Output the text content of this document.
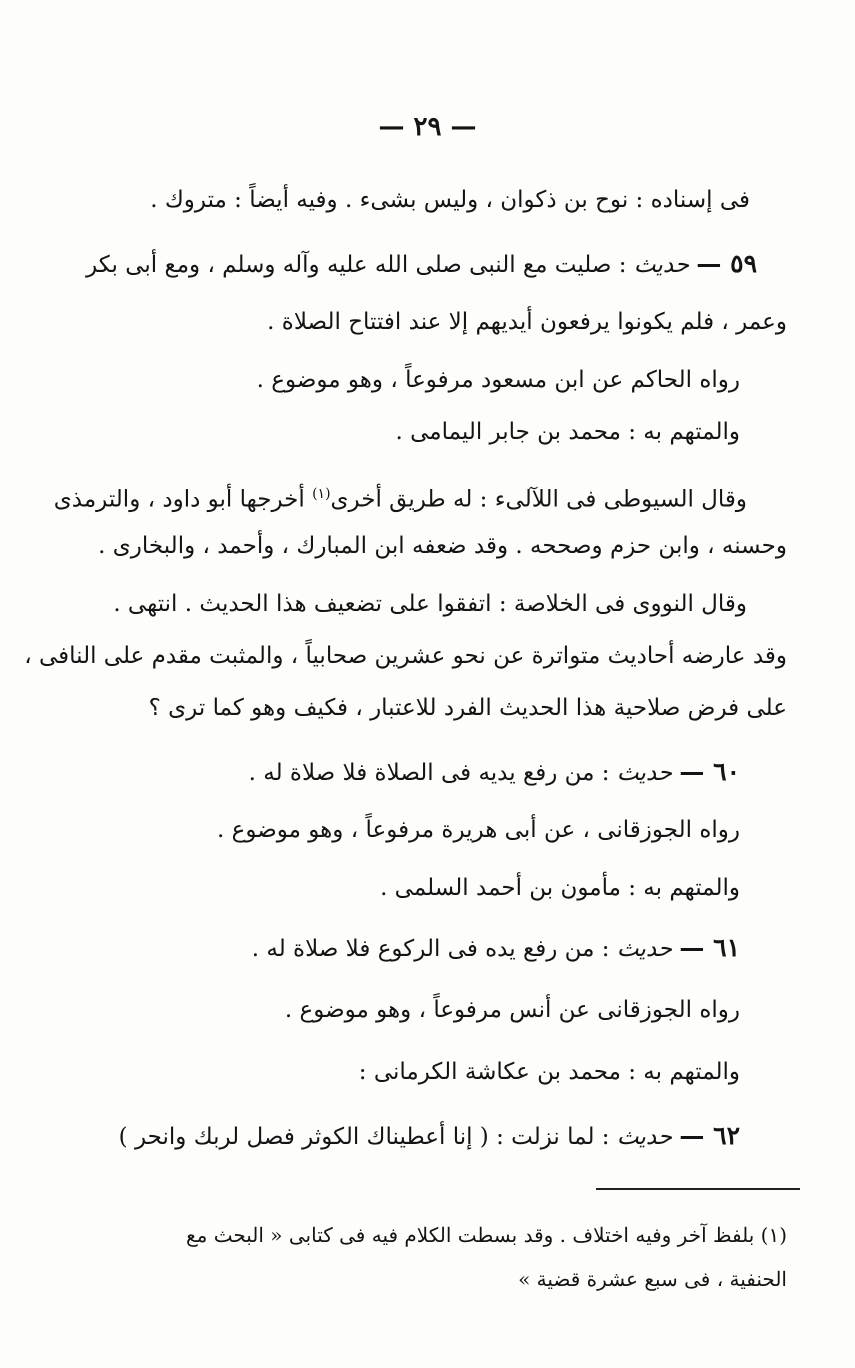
— ٢٩ —
فى إسناده : نوح بن ذكوان ، وليس بشىء . وفيه أيضاً : متروك .
٥٩ — حديث : صليت مع النبى صلى الله عليه وآله وسلم ، ومع أبى بكر
وعمر ، فلم يكونوا يرفعون أيديهم إلا عند افتتاح الصلاة .
رواه الحاكم عن ابن مسعود مرفوعاً ، وهو موضوع .
والمتهم به : محمد بن جابر اليمامى .
وقال السيوطى فى اللآلىء : له طريق أخرى$^{(١)}$ أخرجها أبو داود ، والترمذى
وحسنه ، وابن حزم وصححه . وقد ضعفه ابن المبارك ، وأحمد ، والبخارى .
وقال النووى فى الخلاصة : اتفقوا على تضعيف هذا الحديث . انتهى .
وقد عارضه أحاديث متواترة عن نحو عشرين صحابياً ، والمثبت مقدم على النافى ،
على فرض صلاحية هذا الحديث الفرد للاعتبار ، فكيف وهو كما ترى ؟
٦٠ — حديث : من رفع يديه فى الصلاة فلا صلاة له .
رواه الجوزقانى ، عن أبى هريرة مرفوعاً ، وهو موضوع .
والمتهم به : مأمون بن أحمد السلمى .
٦١ — حديث : من رفع يده فى الركوع فلا صلاة له .
رواه الجوزقانى عن أنس مرفوعاً ، وهو موضوع .
والمتهم به : محمد بن عكاشة الكرمانى :
٦٢ — حديث : لما نزلت : ( إنا أعطيناك الكوثر فصل لربك وانحر )
(١) بلفظ آخر وفيه اختلاف . وقد بسطت الكلام فيه فى كتابى « البحث مع
الحنفية ، فى سبع عشرة قضية »
